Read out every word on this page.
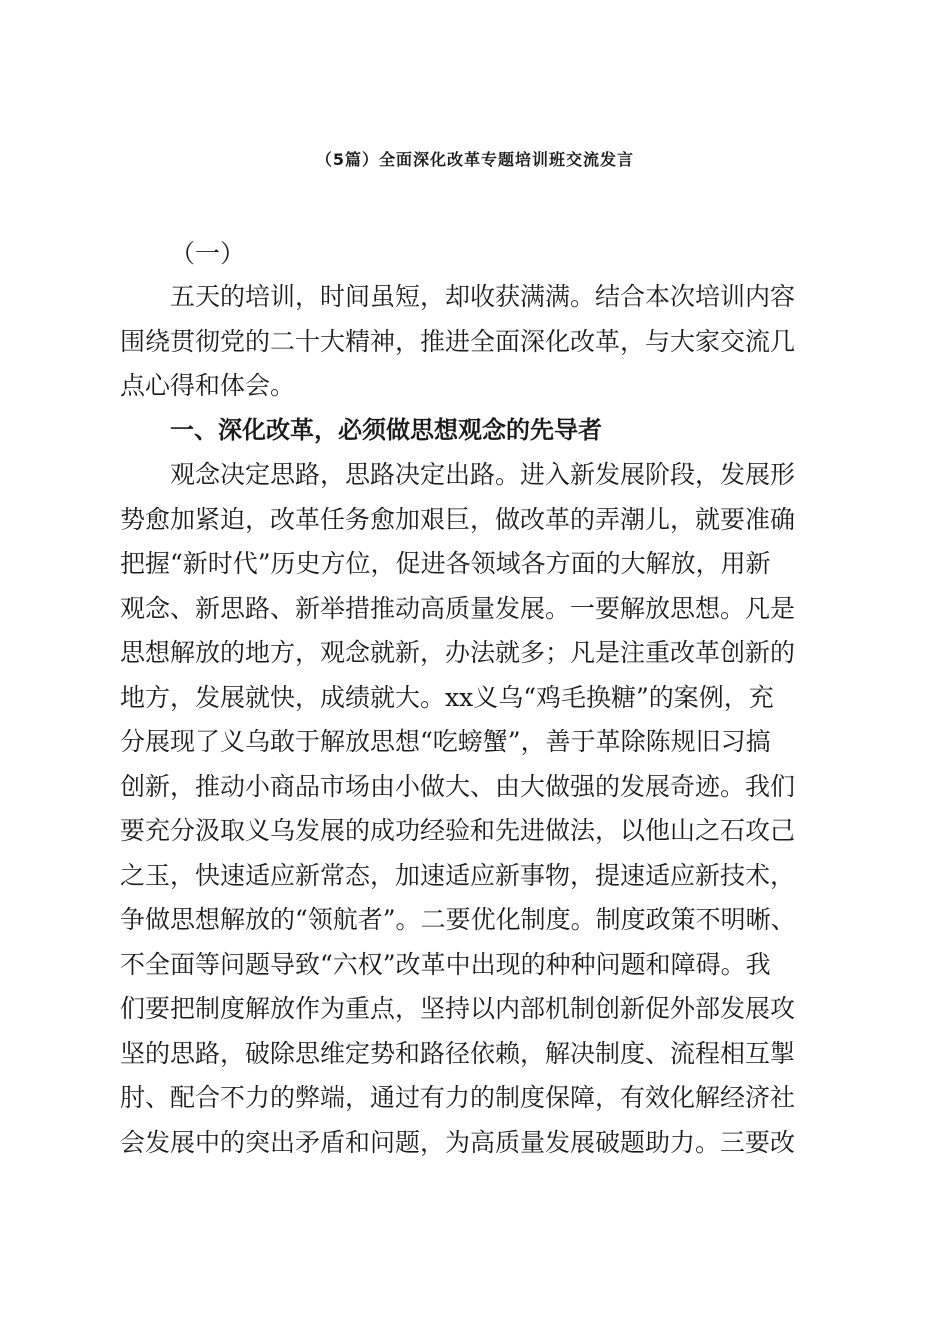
（5篇）全面深化改革专题培训班交流发言
（一）
五天的培训，时间虽短，却收获满满。结合本次培训内容
围绕贯彻党的二十大精神，推进全面深化改革，与大家交流几
点心得和体会。
一、深化改革，必须做思想观念的先导者
观念决定思路，思路决定出路。进入新发展阶段，发展形
势愈加紧迫，改革任务愈加艰巨，做改革的弄潮儿，就要准确
把握“新时代”历史方位，促进各领域各方面的大解放，用新
观念、新思路、新举措推动高质量发展。一要解放思想。凡是
思想解放的地方，观念就新，办法就多；凡是注重改革创新的
地方，发展就快，成绩就大。xx义乌“鸡毛换糖”的案例，充
分展现了义乌敢于解放思想“吃螃蟹”，善于革除陈规旧习搞
创新，推动小商品市场由小做大、由大做强的发展奇迹。我们
要充分汲取义乌发展的成功经验和先进做法，以他山之石攻己
之玉，快速适应新常态，加速适应新事物，提速适应新技术，
争做思想解放的“领航者”。二要优化制度。制度政策不明晰、
不全面等问题导致“六权”改革中出现的种种问题和障碍。我
们要把制度解放作为重点，坚持以内部机制创新促外部发展攻
坚的思路，破除思维定势和路径依赖，解决制度、流程相互掣
肘、配合不力的弊端，通过有力的制度保障，有效化解经济社
会发展中的突出矛盾和问题，为高质量发展破题助力。三要改
